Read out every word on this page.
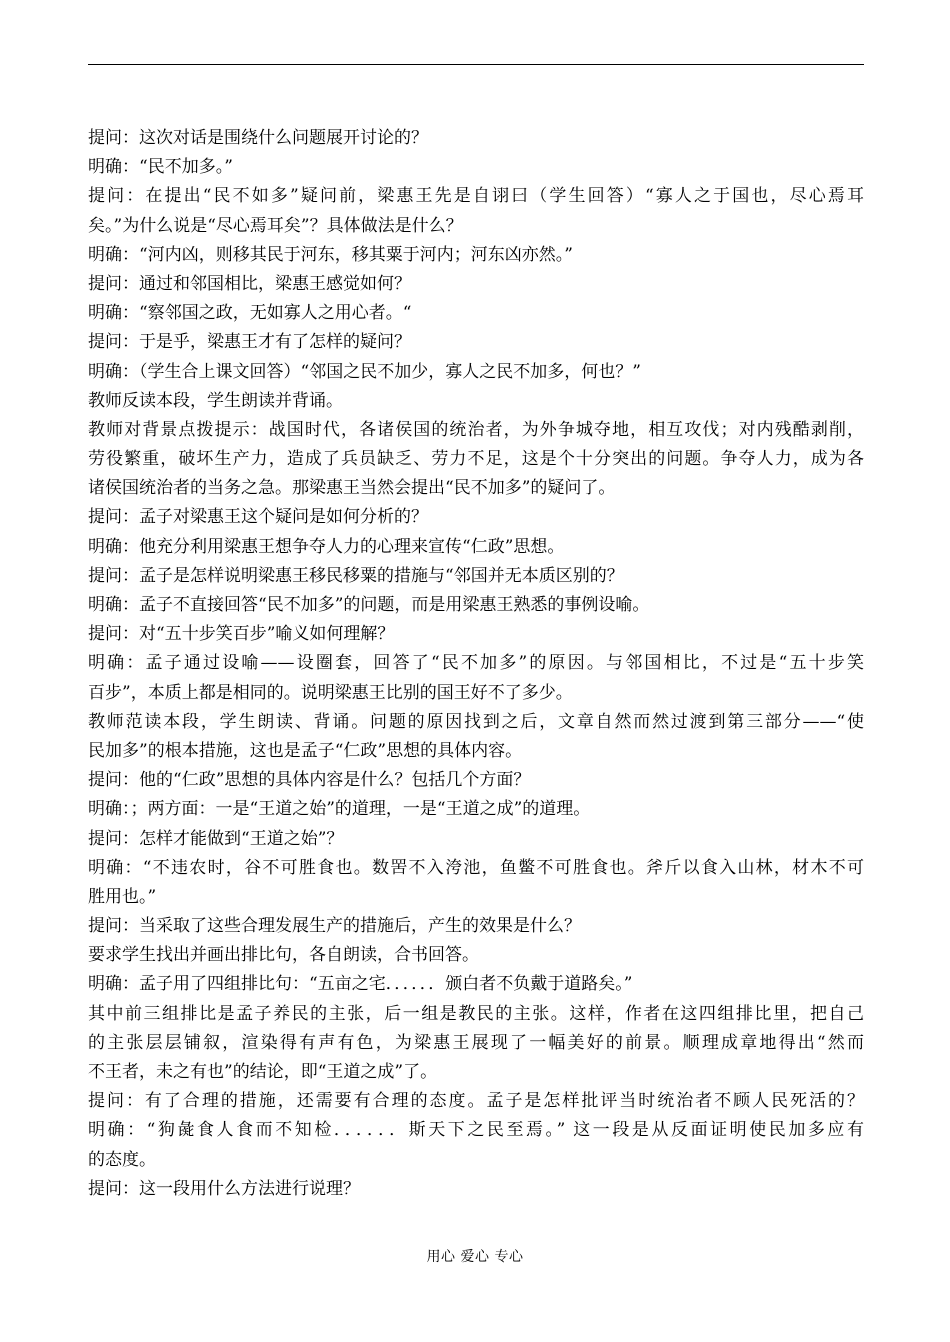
提问：这次对话是围绕什么问题展开讨论的？
明确：“民不加多。”
提问：在提出“民不如多”疑问前，梁惠王先是自诩曰（学生回答）“寡人之于国也，尽心焉耳
矣。”为什么说是“尽心焉耳矣”？具体做法是什么？
明确：“河内凶，则移其民于河东，移其粟于河内；河东凶亦然。”
提问：通过和邻国相比，梁惠王感觉如何？
明确：“察邻国之政，无如寡人之用心者。“
提问：于是乎，梁惠王才有了怎样的疑问？
明确：（学生合上课文回答）“邻国之民不加少，寡人之民不加多，何也？”
教师反读本段，学生朗读并背诵。
教师对背景点拨提示：战国时代，各诸侯国的统治者，为外争城夺地，相互攻伐；对内残酷剥削，
劳役繁重，破坏生产力，造成了兵员缺乏、劳力不足，这是个十分突出的问题。争夺人力，成为各
诸侯国统治者的当务之急。那梁惠王当然会提出“民不加多”的疑问了。
提问：孟子对梁惠王这个疑问是如何分析的？
明确：他充分利用梁惠王想争夺人力的心理来宣传“仁政”思想。
提问：孟子是怎样说明梁惠王移民移粟的措施与“邻国并无本质区别的？
明确：孟子不直接回答“民不加多”的问题，而是用梁惠王熟悉的事例设喻。
提问：对“五十步笑百步”喻义如何理解？
明确：孟子通过设喻——设圈套，回答了“民不加多”的原因。与邻国相比，不过是“五十步笑
百步”，本质上都是相同的。说明梁惠王比别的国王好不了多少。
教师范读本段，学生朗读、背诵。问题的原因找到之后，文章自然而然过渡到第三部分——“使
民加多”的根本措施，这也是孟子“仁政”思想的具体内容。
提问：他的“仁政”思想的具体内容是什么？包括几个方面？
明确：；两方面：一是“王道之始”的道理，一是“王道之成”的道理。
提问：怎样才能做到“王道之始”？
明确：“不违农时，谷不可胜食也。数罟不入洿池，鱼鳖不可胜食也。斧斤以食入山林，材木不可
胜用也。”
提问：当采取了这些合理发展生产的措施后，产生的效果是什么？
要求学生找出并画出排比句，各自朗读，合书回答。
明确：孟子用了四组排比句：“五亩之宅．．．．．．颁白者不负戴于道路矣。”
其中前三组排比是孟子养民的主张，后一组是教民的主张。这样，作者在这四组排比里，把自己
的主张层层铺叙，渲染得有声有色，为梁惠王展现了一幅美好的前景。顺理成章地得出“然而
不王者，未之有也”的结论，即“王道之成”了。
提问：有了合理的措施，还需要有合理的态度。孟子是怎样批评当时统治者不顾人民死活的？
明确：“狗彘食人食而不知检．．．．．．斯天下之民至焉。” 这一段是从反面证明使民加多应有
的态度。
提问：这一段用什么方法进行说理？
用心 爱心 专心
